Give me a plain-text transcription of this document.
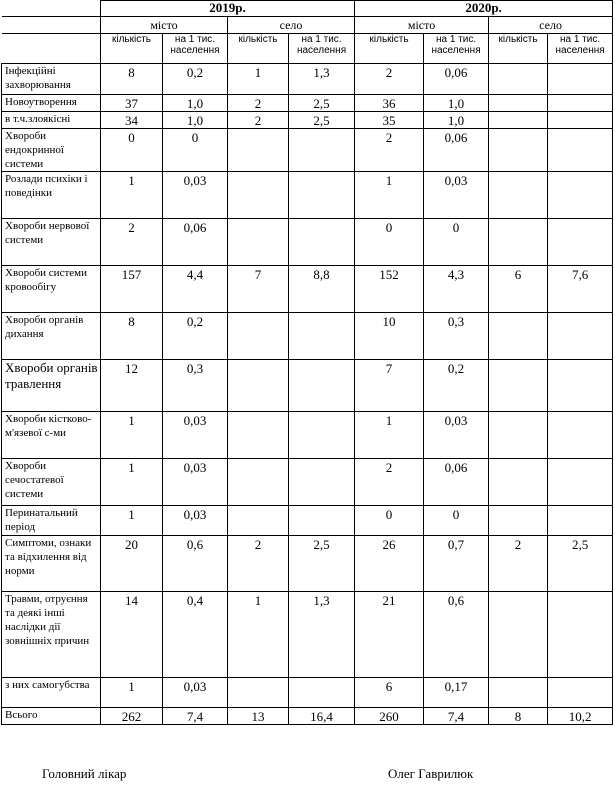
	2019р.				2020р.			
	місто		село		місто		село	
	кількість	на 1 тис. населення	кількість	на 1 тис. населення	кількість	на 1 тис. населення	кількість	на 1 тис. населення
Інфекційні захворювання	8	0,2	1	1,3	2	0,06		
Новоутворення	37	1,0	2	2,5	36	1,0		
в т.ч.злоякісні	34	1,0	2	2,5	35	1,0		
Хвороби ендокринної системи	0	0			2	0,06		
Розлади психіки і поведінки	1	0,03			1	0,03		
Хвороби нервової системи	2	0,06			0	0		
Хвороби системи кровообігу	157	4,4	7	8,8	152	4,3	6	7,6
Хвороби органів дихання	8	0,2			10	0,3		
Хвороби органів травлення	12	0,3			7	0,2		
Хвороби кістково-м'язевої с-ми	1	0,03			1	0,03		
Хвороби сечостатевої системи	1	0,03			2	0,06		
Перинатальний період	1	0,03			0	0		
Симптоми, ознаки та відхилення від норми	20	0,6	2	2,5	26	0,7	2	2,5
Травми, отруєння та деякі інші наслідки дії зовнішніх причин	14	0,4	1	1,3	21	0,6		
з них самогубства	1	0,03			6	0,17		
Всього	262	7,4	13	16,4	260	7,4	8	10,2
Головний лікар	Олег Гаврилюк
